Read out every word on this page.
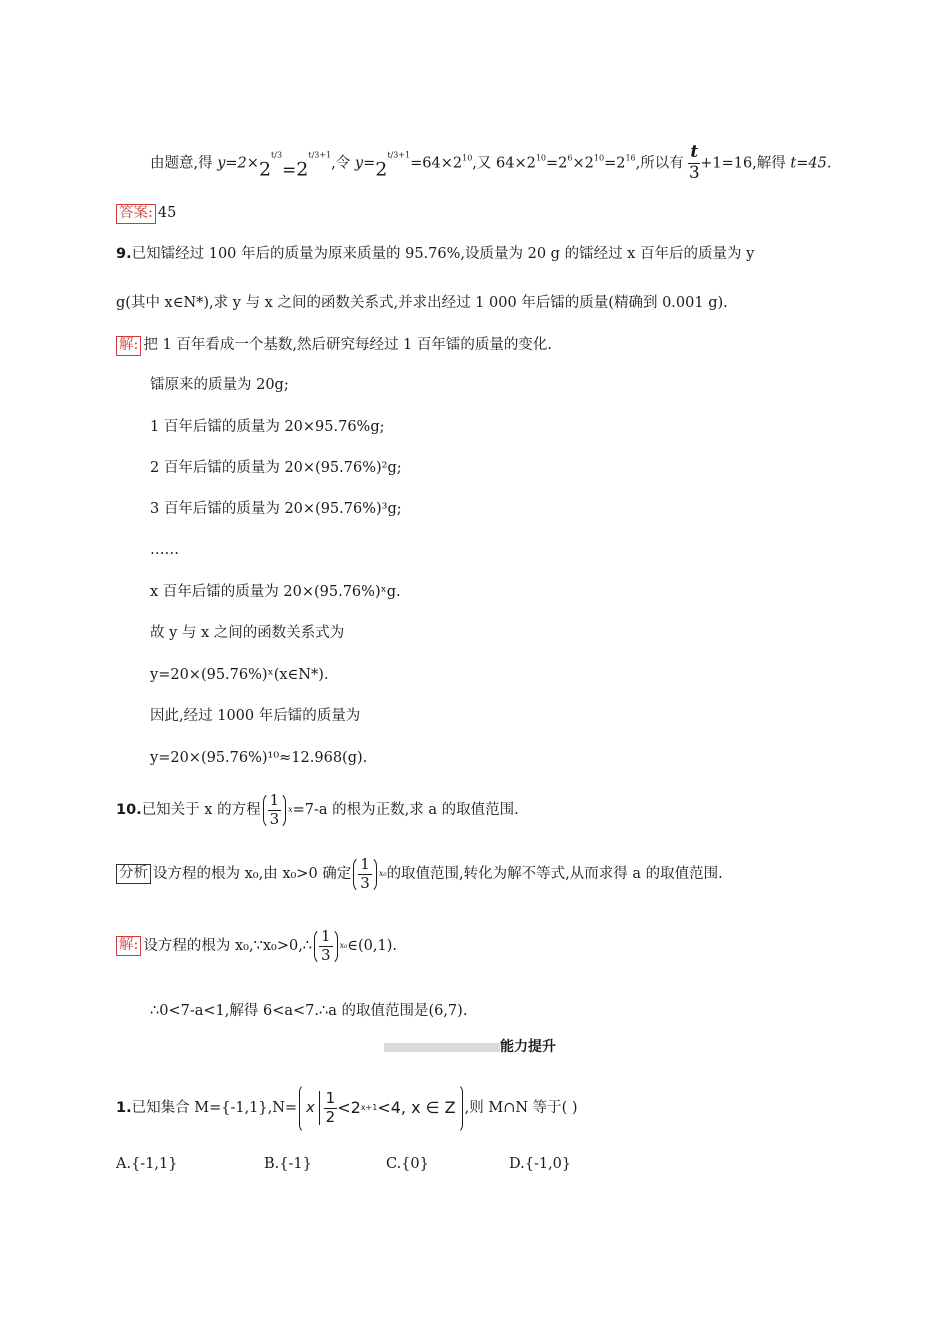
由题意,得 $y=2\times 2^{t/3}=2^{t/3+1}$,令 $y=2^{t/3+1}=64\times 2^{10}$,又 $64\times 2^{10}=2^6\times 2^{10}=2^{16}$,所以有 $\frac{t}{3} +1=16$,解得 t=45.
答案: 45
9.已知镭经过 100 年后的质量为原来质量的 95.76%,设质量为 20 g 的镭经过 x 百年后的质量为 y
g(其中 x∈N*),求 y 与 x 之间的函数关系式,并求出经过 1 000 年后镭的质量(精确到 0.001 g).
解: 把 1 百年看成一个基数,然后研究每经过 1 百年镭的质量的变化.
镭原来的质量为 20g;
1 百年后镭的质量为 20×95.76%g;
2 百年后镭的质量为 20×(95.76%)²g;
3 百年后镭的质量为 20×(95.76%)³g;
……
x 百年后镭的质量为 20×(95.76%)ˣg.
故 y 与 x 之间的函数关系式为
y=20×(95.76%)ˣ(x∈N*).
因此,经过 1000 年后镭的质量为
y=20×(95.76%)¹⁰≈12.968(g).
10. 已知关于 x 的方程 $\frac{1}{3}$ x =7-a 的根为正数,求 a 的取值范围.
分析 设方程的根为 x₀,由 x₀>0 确定 $\frac{1}{3} x_0$ 的取值范围,转化为解不等式,从而求得 a 的取值范围.
解: 设方程的根为 x₀,∵x₀>0,∴ $\frac{1}{3} x_0$ ∈(0,1).
∴0<7-a<1,解得 6<a<7.∴a 的取值范围是(6,7).
能力提升
1. 已知集合 M={-1,1},N= x $\frac{1}{2} <2$ x+1 <4, x ∈ Z ,则 M∩N 等于( )
A.{-1,1}	B.{-1}	C.{0}	D.{-1,0}
